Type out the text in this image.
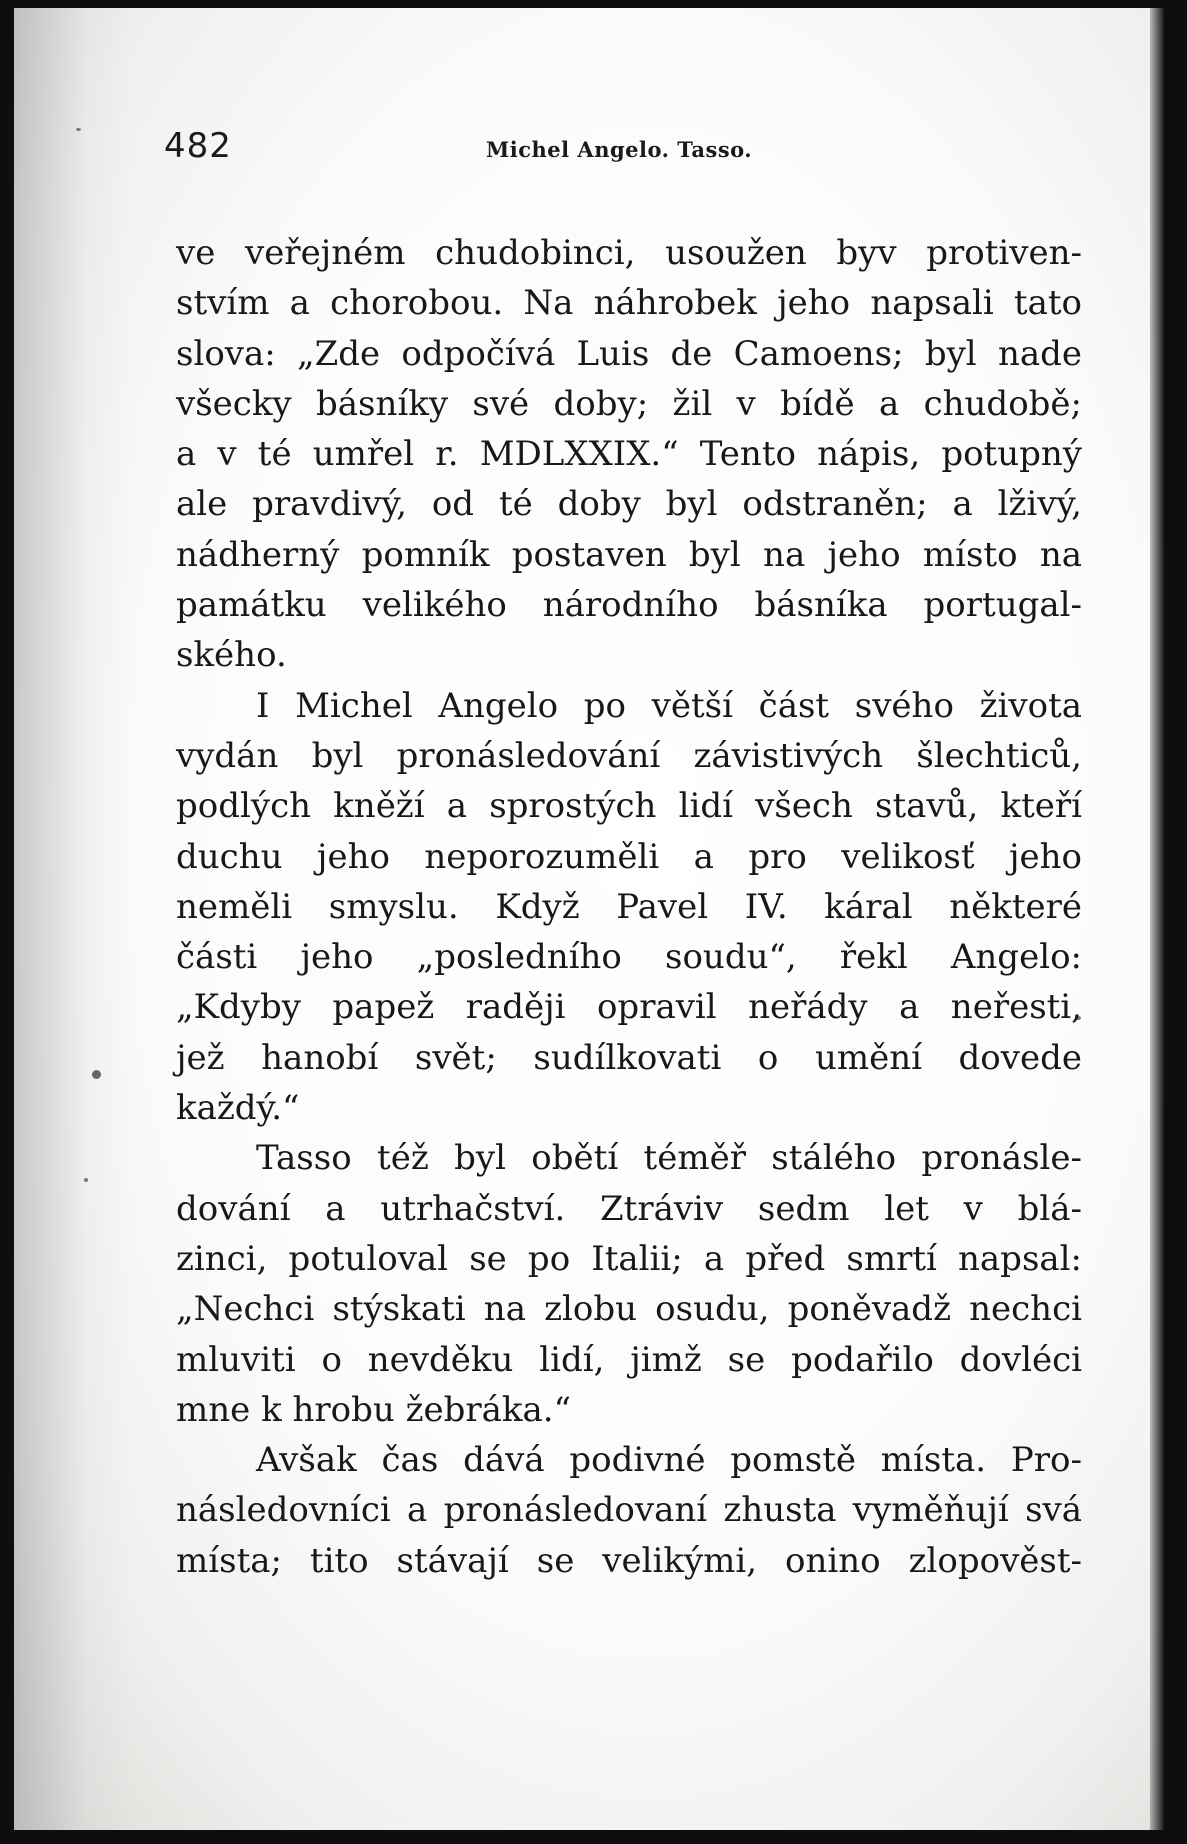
482	Michel Angelo. Tasso.
ve veřejném chudobinci, usoužen byv protiven-
stvím a chorobou. Na náhrobek jeho napsali tato
slova: „Zde odpočívá Luis de Camoens; byl nade
všecky básníky své doby; žil v bídě a chudobě;
a v té umřel r. MDLXXIX.“ Tento nápis, potupný
ale pravdivý, od té doby byl odstraněn; a lživý,
nádherný pomník postaven byl na jeho místo na
památku velikého národního básníka portugal-
ského.
I Michel Angelo po větší část svého života
vydán byl pronásledování závistivých šlechticů,
podlých kněží a sprostých lidí všech stavů, kteří
duchu jeho neporozuměli a pro velikosť jeho
neměli smyslu. Když Pavel IV. káral některé
části jeho „posledního soudu“, řekl Angelo:
„Kdyby papež raději opravil neřády a neřesti,
jež hanobí svět; sudílkovati o umění dovede
každý.“
Tasso též byl obětí téměř stálého pronásle-
dování a utrhačství. Ztráviv sedm let v blá-
zinci, potuloval se po Italii; a před smrtí napsal:
„Nechci stýskati na zlobu osudu, poněvadž nechci
mluviti o nevděku lidí, jimž se podařilo dovléci
mne k hrobu žebráka.“
Avšak čas dává podivné pomstě místa. Pro-
následovníci a pronásledovaní zhusta vyměňují svá
místa; tito stávají se velikými, onino zlopověst-
